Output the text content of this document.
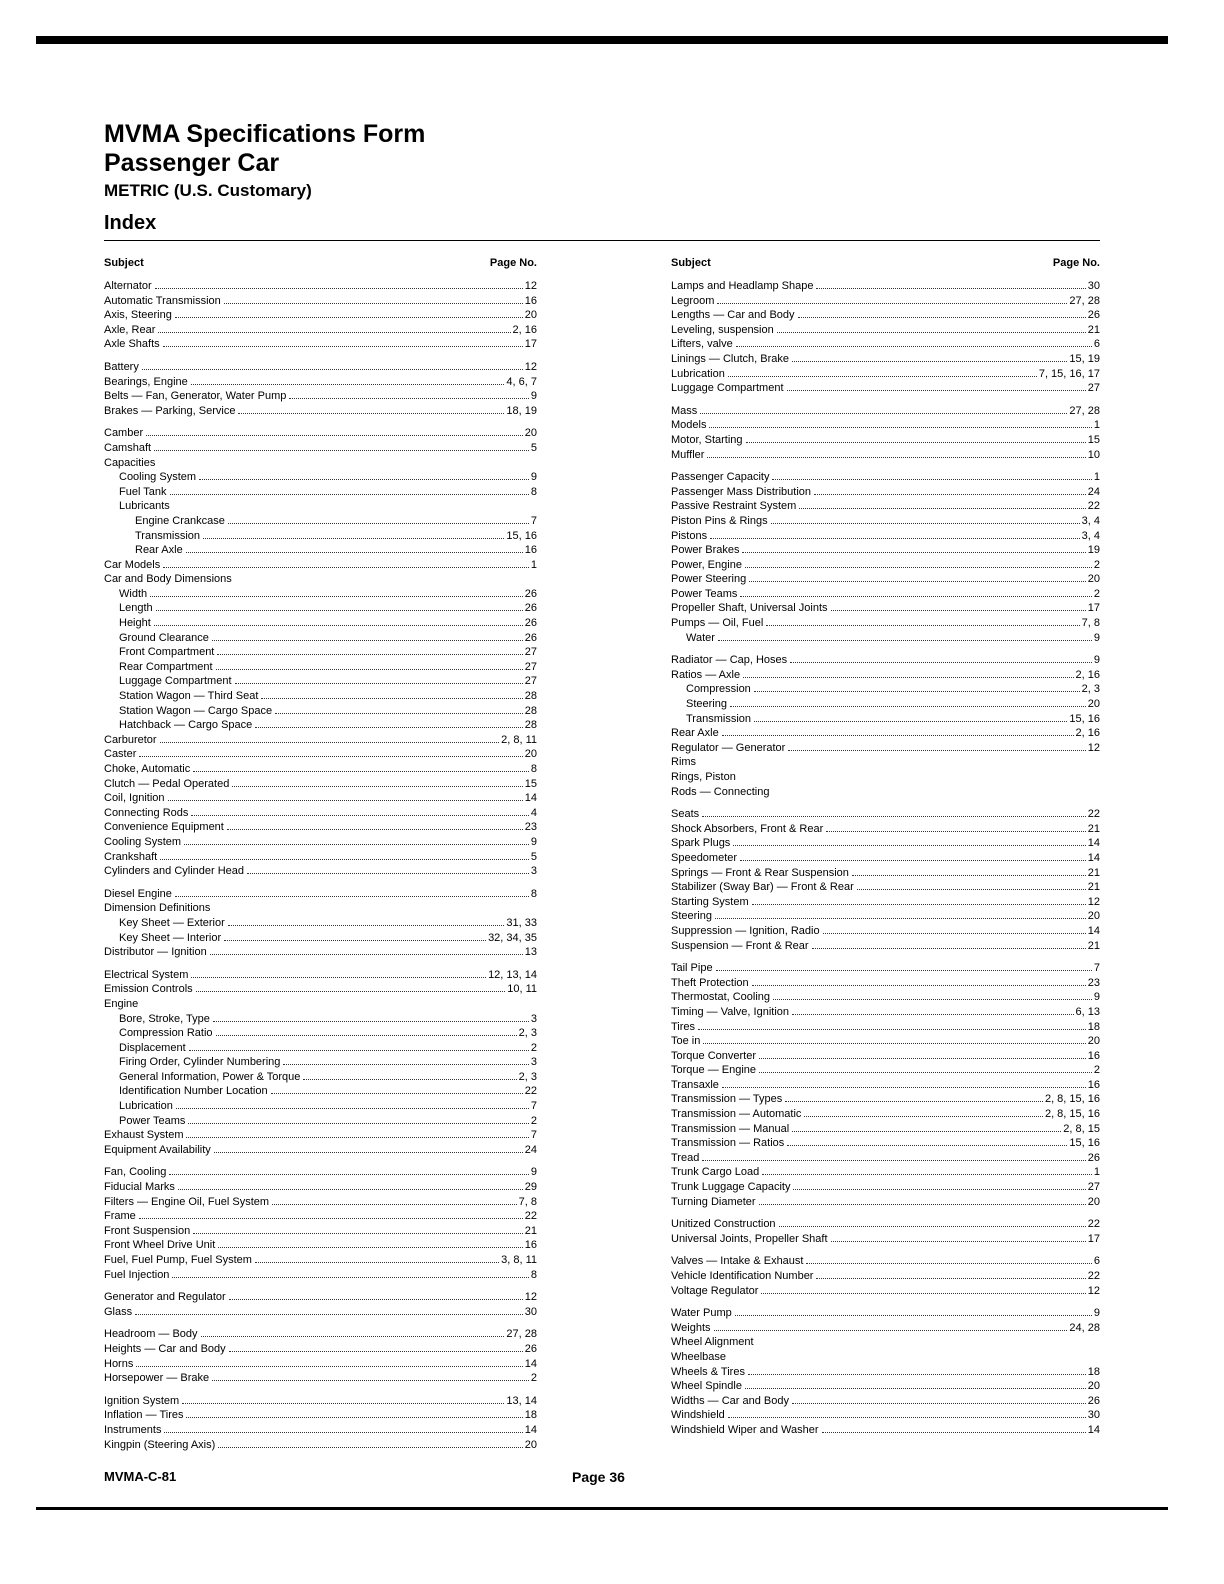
MVMA Specifications Form
Passenger Car
METRIC (U.S. Customary)
Index
Subject	Page No.
Alternator	12
Automatic Transmission	16
Axis, Steering	20
Axle, Rear	2, 16
Axle Shafts	17
Battery	12
Bearings, Engine	4, 6, 7
Belts — Fan, Generator, Water Pump	9
Brakes — Parking, Service	18, 19
Camber	20
Camshaft	5
Capacities
Cooling System	9
Fuel Tank	8
Lubricants
Engine Crankcase	7
Transmission	15, 16
Rear Axle	16
Car Models	1
Car and Body Dimensions
Width	26
Length	26
Height	26
Ground Clearance	26
Front Compartment	27
Rear Compartment	27
Luggage Compartment	27
Station Wagon — Third Seat	28
Station Wagon — Cargo Space	28
Hatchback — Cargo Space	28
Carburetor	2, 8, 11
Caster	20
Choke, Automatic	8
Clutch — Pedal Operated	15
Coil, Ignition	14
Connecting Rods	4
Convenience Equipment	23
Cooling System	9
Crankshaft	5
Cylinders and Cylinder Head	3
Diesel Engine	8
Dimension Definitions
Key Sheet — Exterior	31, 33
Key Sheet — Interior	32, 34, 35
Distributor — Ignition	13
Electrical System	12, 13, 14
Emission Controls	10, 11
Engine
Bore, Stroke, Type	3
Compression Ratio	2, 3
Displacement	2
Firing Order, Cylinder Numbering	3
General Information, Power & Torque	2, 3
Identification Number Location	22
Lubrication	7
Power Teams	2
Exhaust System	7
Equipment Availability	24
Fan, Cooling	9
Fiducial Marks	29
Filters — Engine Oil, Fuel System	7, 8
Frame	22
Front Suspension	21
Front Wheel Drive Unit	16
Fuel, Fuel Pump, Fuel System	3, 8, 11
Fuel Injection	8
Generator and Regulator	12
Glass	30
Headroom — Body	27, 28
Heights — Car and Body	26
Horns	14
Horsepower — Brake	2
Ignition System	13, 14
Inflation — Tires	18
Instruments	14
Kingpin (Steering Axis)	20
Subject	Page No.
Lamps and Headlamp Shape	30
Legroom	27, 28
Lengths — Car and Body	26
Leveling, suspension	21
Lifters, valve	6
Linings — Clutch, Brake	15, 19
Lubrication	7, 15, 16, 17
Luggage Compartment	27
Mass	27, 28
Models	1
Motor, Starting	15
Muffler	10
Passenger Capacity	1
Passenger Mass Distribution	24
Passive Restraint System	22
Piston Pins & Rings	3, 4
Pistons	3, 4
Power Brakes	19
Power, Engine	2
Power Steering	20
Power Teams	2
Propeller Shaft, Universal Joints	17
Pumps — Oil, Fuel	7, 8
Water	9
Radiator — Cap, Hoses	9
Ratios — Axle	2, 16
Compression	2, 3
Steering	20
Transmission	15, 16
Rear Axle	2, 16
Regulator — Generator	12
Rims
Rings, Piston
Rods — Connecting
Seats	22
Shock Absorbers, Front & Rear	21
Spark Plugs	14
Speedometer	14
Springs — Front & Rear Suspension	21
Stabilizer (Sway Bar) — Front & Rear	21
Starting System	12
Steering	20
Suppression — Ignition, Radio	14
Suspension — Front & Rear	21
Tail Pipe	7
Theft Protection	23
Thermostat, Cooling	9
Timing — Valve, Ignition	6, 13
Tires	18
Toe in	20
Torque Converter	16
Torque — Engine	2
Transaxle	16
Transmission — Types	2, 8, 15, 16
Transmission — Automatic	2, 8, 15, 16
Transmission — Manual	2, 8, 15
Transmission — Ratios	15, 16
Tread	26
Trunk Cargo Load	1
Trunk Luggage Capacity	27
Turning Diameter	20
Unitized Construction	22
Universal Joints, Propeller Shaft	17
Valves — Intake & Exhaust	6
Vehicle Identification Number	22
Voltage Regulator	12
Water Pump	9
Weights	24, 28
Wheel Alignment
Wheelbase
Wheels & Tires	18
Wheel Spindle	20
Widths — Car and Body	26
Windshield	30
Windshield Wiper and Washer	14
MVMA-C-81	Page 36
